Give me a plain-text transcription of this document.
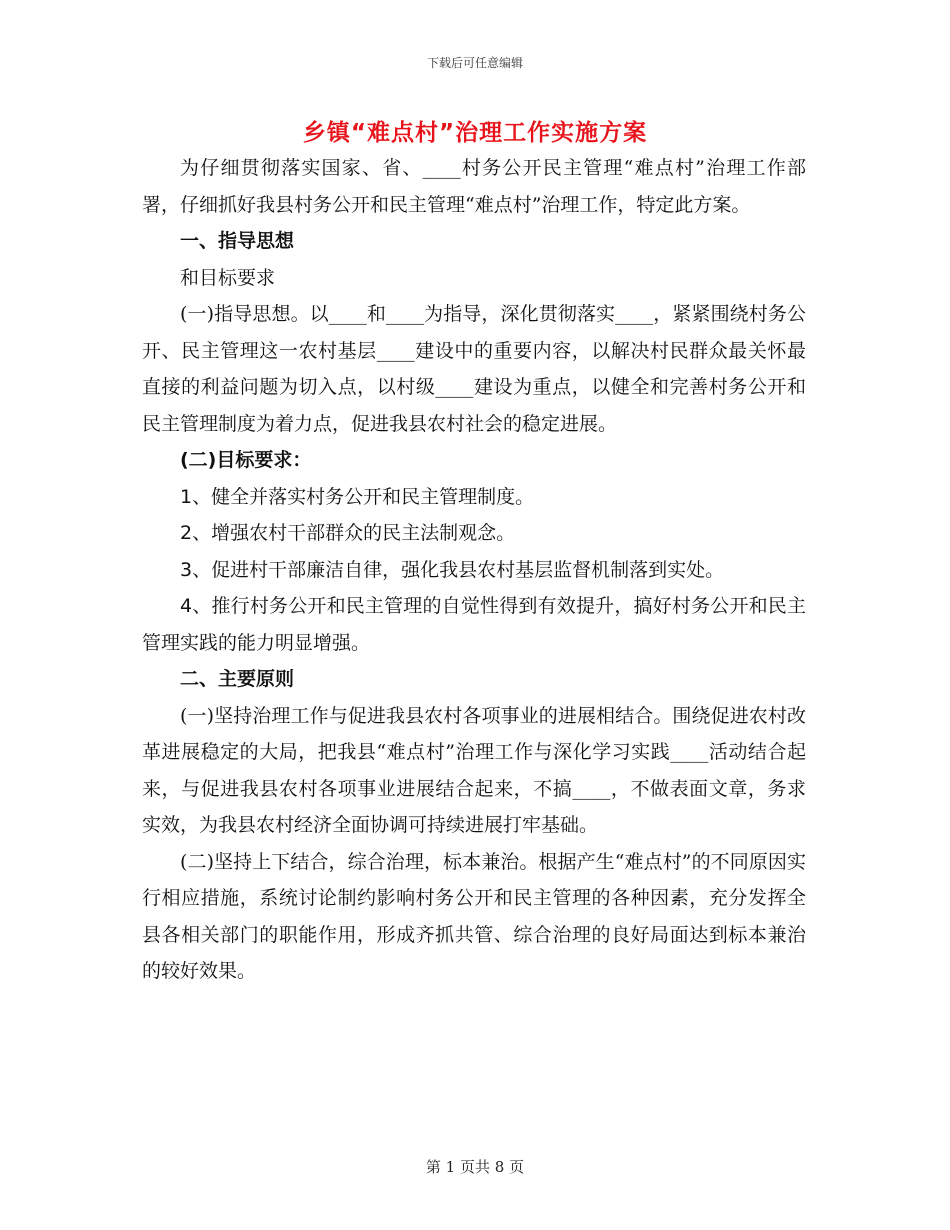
下载后可任意编辑
乡镇“难点村”治理工作实施方案

为仔细贯彻落实国家、省、____村务公开民主管理“难点村”治理工作部署，仔细抓好我县村务公开和民主管理“难点村”治理工作，特定此方案。

一、指导思想

和目标要求

(一)指导思想。以____和____为指导，深化贯彻落实____，紧紧围绕村务公开、民主管理这一农村基层____建设中的重要内容，以解决村民群众最关怀最直接的利益问题为切入点，以村级____建设为重点，以健全和完善村务公开和民主管理制度为着力点，促进我县农村社会的稳定进展。

(二)目标要求：

1、健全并落实村务公开和民主管理制度。

2、增强农村干部群众的民主法制观念。

3、促进村干部廉洁自律，强化我县农村基层监督机制落到实处。

4、推行村务公开和民主管理的自觉性得到有效提升，搞好村务公开和民主管理实践的能力明显增强。

二、主要原则

(一)坚持治理工作与促进我县农村各项事业的进展相结合。围绕促进农村改革进展稳定的大局，把我县“难点村”治理工作与深化学习实践____活动结合起来，与促进我县农村各项事业进展结合起来，不搞____，不做表面文章，务求实效，为我县农村经济全面协调可持续进展打牢基础。

(二)坚持上下结合，综合治理，标本兼治。根据产生“难点村”的不同原因实行相应措施，系统讨论制约影响村务公开和民主管理的各种因素，充分发挥全县各相关部门的职能作用，形成齐抓共管、综合治理的良好局面达到标本兼治的较好效果。

第 1 页共 8 页
